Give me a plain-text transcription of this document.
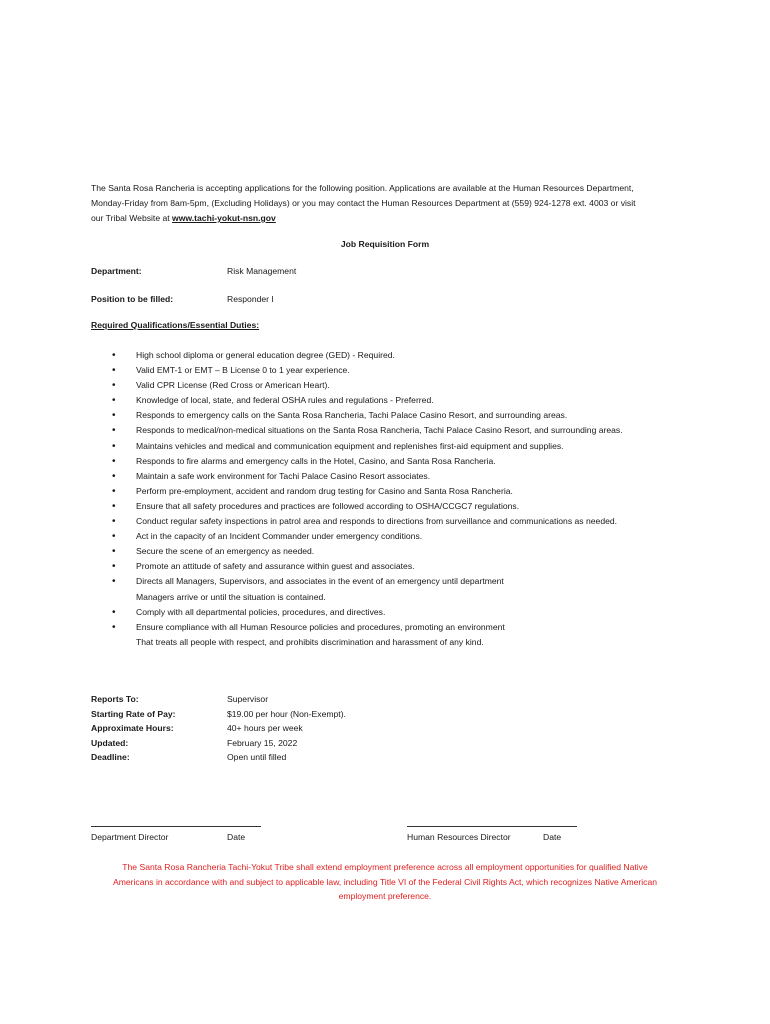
The Santa Rosa Rancheria is accepting applications for the following position. Applications are available at the Human Resources Department,
Monday-Friday from 8am-5pm, (Excluding Holidays) or you may contact the Human Resources Department at (559) 924-1278 ext. 4003 or visit
our Tribal Website at www.tachi-yokut-nsn.gov
Job Requisition Form
Department:	Risk Management
Position to be filled:	Responder I
Required Qualifications/Essential Duties:
• High school diploma or general education degree (GED) - Required.
• Valid EMT-1 or EMT – B License 0 to 1 year experience.
• Valid CPR License (Red Cross or American Heart).
• Knowledge of local, state, and federal OSHA rules and regulations - Preferred.
• Responds to emergency calls on the Santa Rosa Rancheria, Tachi Palace Casino Resort, and surrounding areas.
• Responds to medical/non-medical situations on the Santa Rosa Rancheria, Tachi Palace Casino Resort, and surrounding areas.
• Maintains vehicles and medical and communication equipment and replenishes first-aid equipment and supplies.
• Responds to fire alarms and emergency calls in the Hotel, Casino, and Santa Rosa Rancheria.
• Maintain a safe work environment for Tachi Palace Casino Resort associates.
• Perform pre-employment, accident and random drug testing for Casino and Santa Rosa Rancheria.
• Ensure that all safety procedures and practices are followed according to OSHA/CCGC7 regulations.
• Conduct regular safety inspections in patrol area and responds to directions from surveillance and communications as needed.
• Act in the capacity of an Incident Commander under emergency conditions.
• Secure the scene of an emergency as needed.
• Promote an attitude of safety and assurance within guest and associates.
• Directs all Managers, Supervisors, and associates in the event of an emergency until department
Managers arrive or until the situation is contained.
• Comply with all departmental policies, procedures, and directives.
• Ensure compliance with all Human Resource policies and procedures, promoting an environment
That treats all people with respect, and prohibits discrimination and harassment of any kind.
Reports To:	Supervisor
Starting Rate of Pay:	$19.00 per hour (Non-Exempt).
Approximate Hours:	40+ hours per week
Updated:	February 15, 2022
Deadline:	Open until filled
Department Director	Date	Human Resources Director	Date
The Santa Rosa Rancheria Tachi-Yokut Tribe shall extend employment preference across all employment opportunities for qualified Native
Americans in accordance with and subject to applicable law, including Title VI of the Federal Civil Rights Act, which recognizes Native American
employment preference.
